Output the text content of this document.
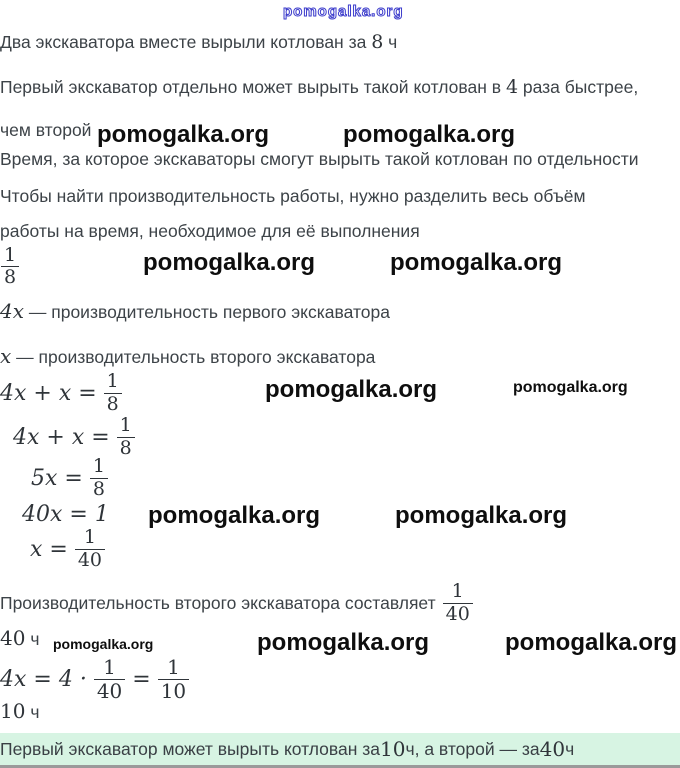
pomogalka.org
Два экскаватора вместе вырыли котлован за 8 ч
Первый экскаватор отдельно может вырыть такой котлован в 4 раза быстрее,
чем второй pomogalka.org	pomogalka.org
Время, за которое экскаваторы смогут вырыть такой котлован по отдельности
Чтобы найти производительность работы, нужно разделить весь объём
работы на время, необходимое для её выполнения
$\frac{1}{8}$	pomogalka.org	pomogalka.org
4x — производительность первого экскаватора
x — производительность второго экскаватора
$4x + x = \frac{1}{8}$	pomogalka.org	pomogalka.org
$4x + x = \frac{1}{8}$
$5x = \frac{1}{8}$
40x = 1 pomogalka.org	pomogalka.org
$x = \frac{1}{40}$
Производительность второго экскаватора составляет $\frac{1}{40}$
40 ч pomogalka.org	pomogalka.org	pomogalka.org
$4x = 4 \cdot \frac{1}{40} = \frac{1}{10}$
10 ч
Первый экскаватор может вырыть котлован за 10 ч, а второй — за 40 ч
